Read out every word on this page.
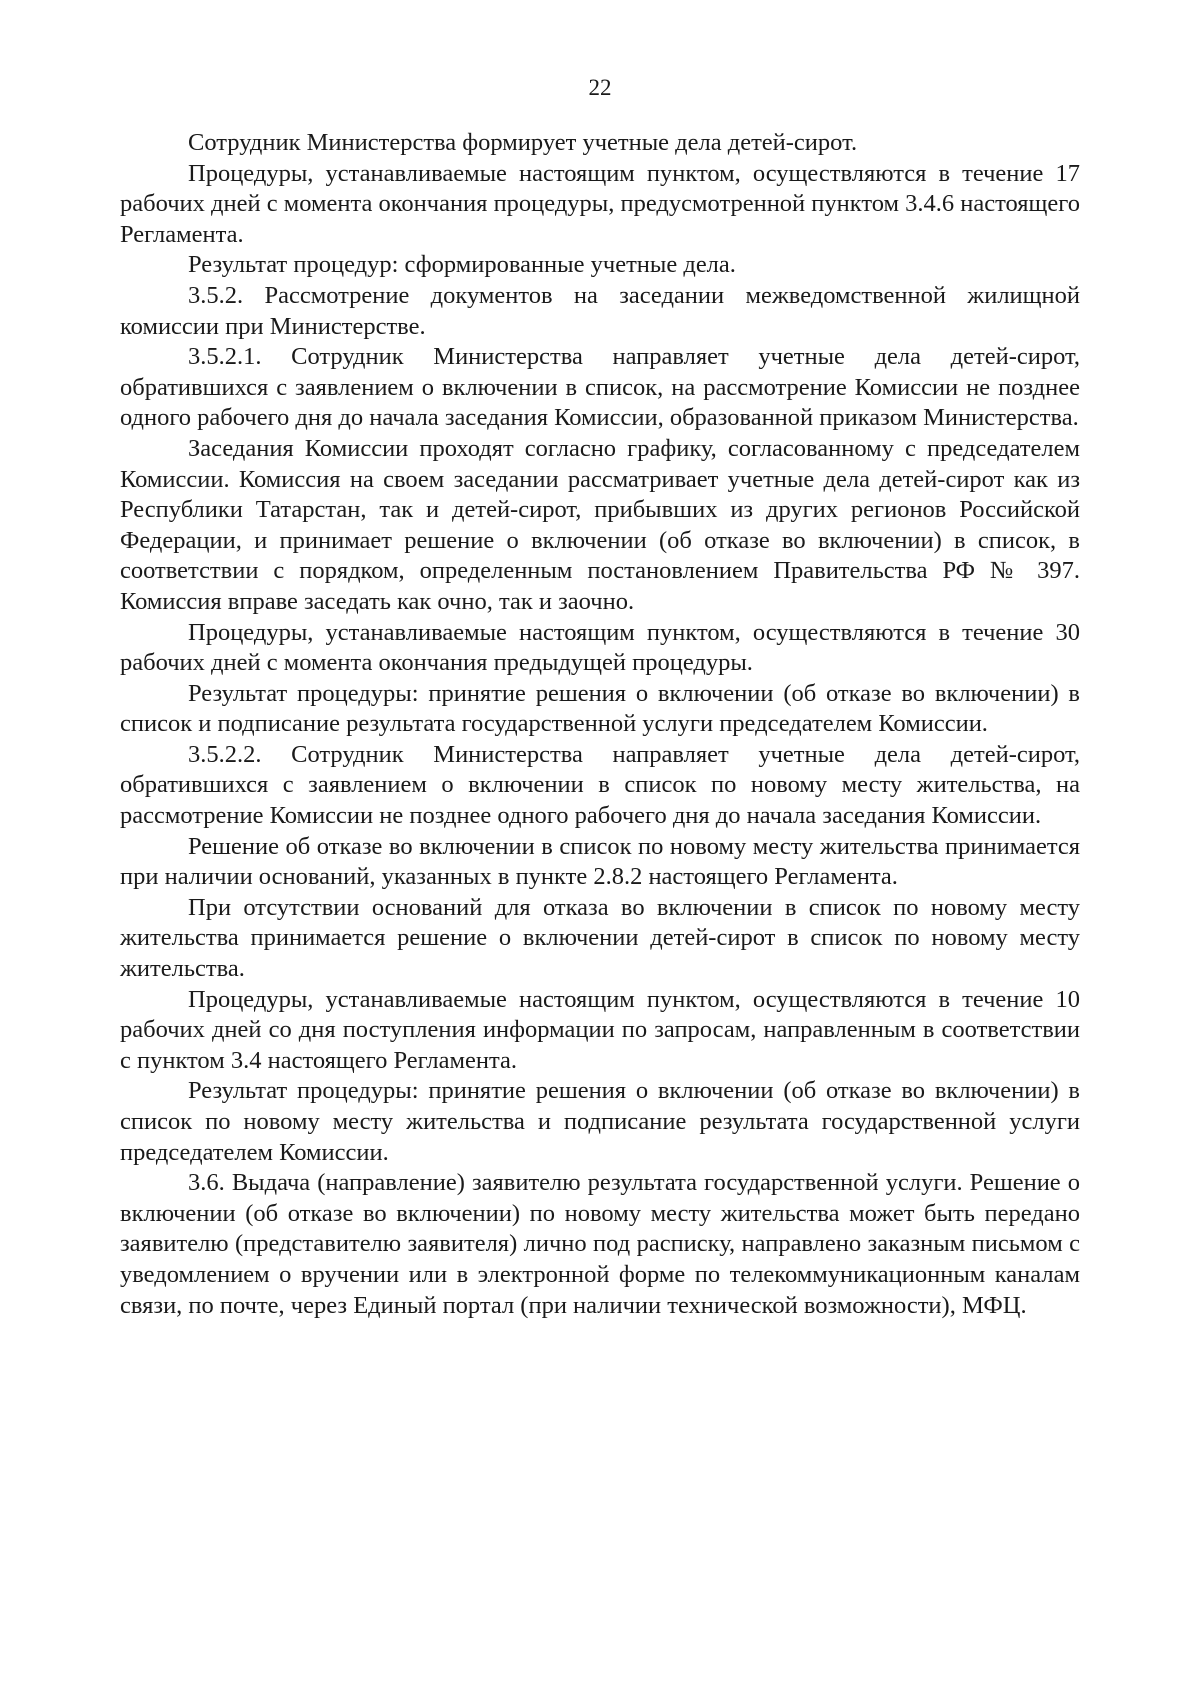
22

Сотрудник Министерства формирует учетные дела детей-сирот.

Процедуры, устанавливаемые настоящим пунктом, осуществляются в течение 17 рабочих дней с момента окончания процедуры, предусмотренной пунктом 3.4.6 настоящего Регламента.

Результат процедур: сформированные учетные дела.

3.5.2. Рассмотрение документов на заседании межведомственной жилищной комиссии при Министерстве.

3.5.2.1. Сотрудник Министерства направляет учетные дела детей-сирот, обратившихся с заявлением о включении в список, на рассмотрение Комиссии не позднее одного рабочего дня до начала заседания Комиссии, образованной приказом Министерства.

Заседания Комиссии проходят согласно графику, согласованному с председателем Комиссии. Комиссия на своем заседании рассматривает учетные дела детей-сирот как из Республики Татарстан, так и детей-сирот, прибывших из других регионов Российской Федерации, и принимает решение о включении (об отказе во включении) в список, в соответствии с порядком, определенным постановлением Правительства РФ № 397. Комиссия вправе заседать как очно, так и заочно.

Процедуры, устанавливаемые настоящим пунктом, осуществляются в течение 30 рабочих дней с момента окончания предыдущей процедуры.

Результат процедуры: принятие решения о включении (об отказе во включении) в список и подписание результата государственной услуги председателем Комиссии.

3.5.2.2. Сотрудник Министерства направляет учетные дела детей-сирот, обратившихся с заявлением о включении в список по новому месту жительства, на рассмотрение Комиссии не позднее одного рабочего дня до начала заседания Комиссии.

Решение об отказе во включении в список по новому месту жительства принимается при наличии оснований, указанных в пункте 2.8.2 настоящего Регламента.

При отсутствии оснований для отказа во включении в список по новому месту жительства принимается решение о включении детей-сирот в список по новому месту жительства.

Процедуры, устанавливаемые настоящим пунктом, осуществляются в течение 10 рабочих дней со дня поступления информации по запросам, направленным в соответствии с пунктом 3.4 настоящего Регламента.

Результат процедуры: принятие решения о включении (об отказе во включении) в список по новому месту жительства и подписание результата государственной услуги председателем Комиссии.

3.6. Выдача (направление) заявителю результата государственной услуги. Решение о включении (об отказе во включении) по новому месту жительства может быть передано заявителю (представителю заявителя) лично под расписку, направлено заказным письмом с уведомлением о вручении или в электронной форме по телекоммуникационным каналам связи, по почте, через Единый портал (при наличии технической возможности), МФЦ.
